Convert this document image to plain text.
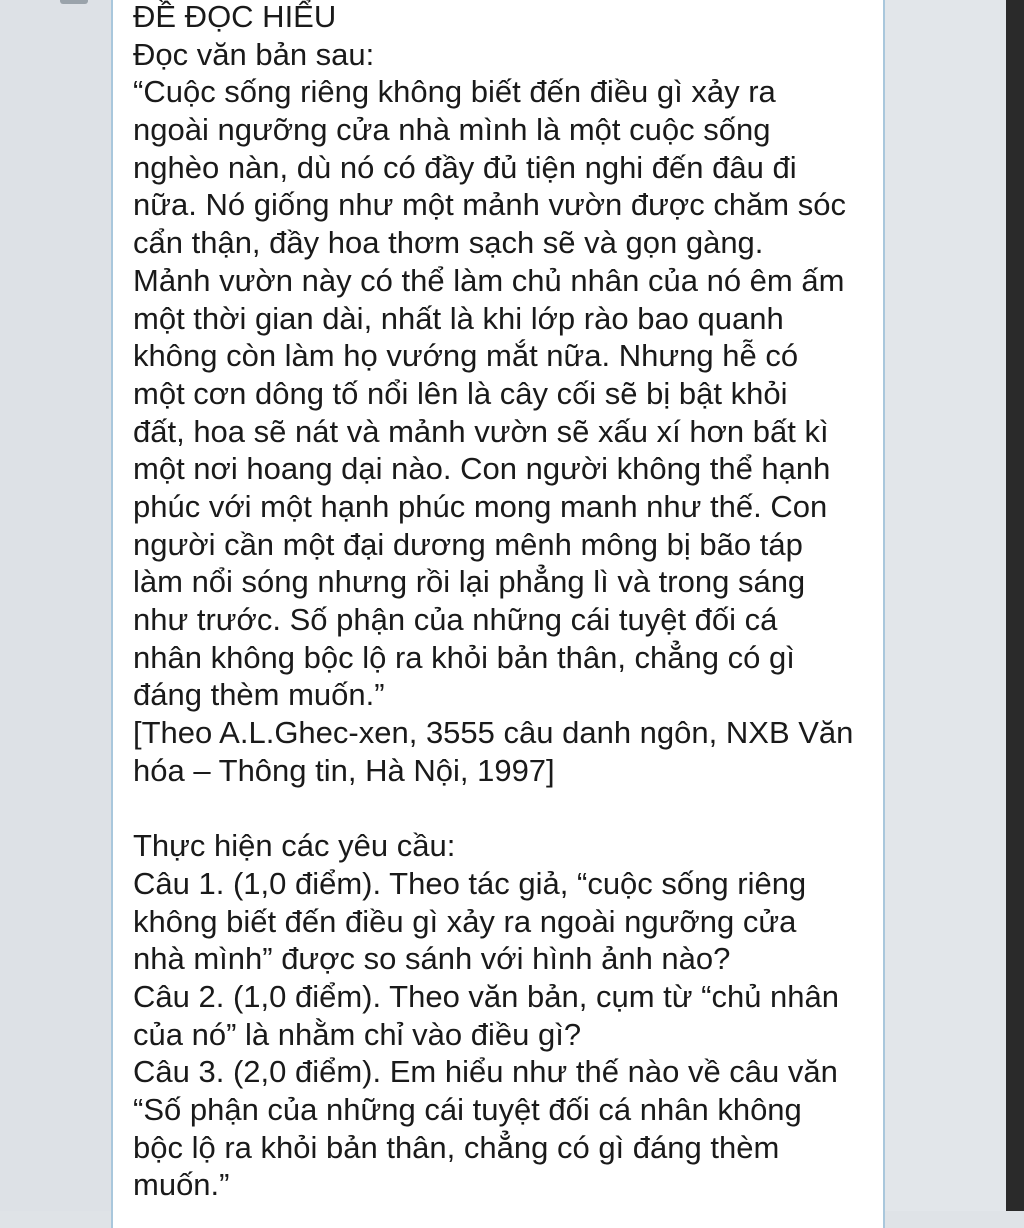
ĐỀ ĐỌC HIỂU
Đọc văn bản sau:
“Cuộc sống riêng không biết đến điều gì xảy ra
ngoài ngưỡng cửa nhà mình là một cuộc sống
nghèo nàn, dù nó có đầy đủ tiện nghi đến đâu đi
nữa. Nó giống như một mảnh vườn được chăm sóc
cẩn thận, đầy hoa thơm sạch sẽ và gọn gàng.
Mảnh vườn này có thể làm chủ nhân của nó êm ấm
một thời gian dài, nhất là khi lớp rào bao quanh
không còn làm họ vướng mắt nữa. Nhưng hễ có
một cơn dông tố nổi lên là cây cối sẽ bị bật khỏi
đất, hoa sẽ nát và mảnh vườn sẽ xấu xí hơn bất kì
một nơi hoang dại nào. Con người không thể hạnh
phúc với một hạnh phúc mong manh như thế. Con
người cần một đại dương mênh mông bị bão táp
làm nổi sóng nhưng rồi lại phẳng lì và trong sáng
như trước. Số phận của những cái tuyệt đối cá
nhân không bộc lộ ra khỏi bản thân, chẳng có gì
đáng thèm muốn.”
[Theo A.L.Ghec-xen, 3555 câu danh ngôn, NXB Văn
hóa – Thông tin, Hà Nội, 1997]
Thực hiện các yêu cầu:
Câu 1. (1,0 điểm). Theo tác giả, “cuộc sống riêng
không biết đến điều gì xảy ra ngoài ngưỡng cửa
nhà mình” được so sánh với hình ảnh nào?
Câu 2. (1,0 điểm). Theo văn bản, cụm từ “chủ nhân
của nó” là nhằm chỉ vào điều gì?
Câu 3. (2,0 điểm). Em hiểu như thế nào về câu văn
“Số phận của những cái tuyệt đối cá nhân không
bộc lộ ra khỏi bản thân, chẳng có gì đáng thèm
muốn.”
